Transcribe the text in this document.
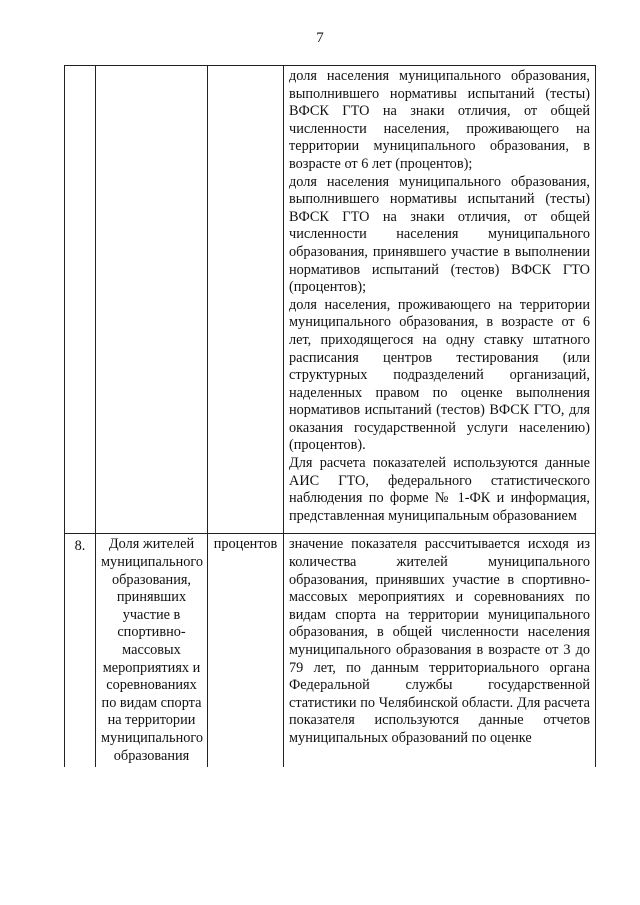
7

			доля населения муниципального образования, выполнившего нормативы испытаний (тесты) ВФСК ГТО на знаки отличия, от общей численности населения, проживающего на территории муниципального образования, в возрасте от 6 лет (процентов);

доля населения муниципального образования, выполнившего нормативы испытаний (тесты) ВФСК ГТО на знаки отличия, от общей численности населения муниципального образования, принявшего участие в выполнении нормативов испытаний (тестов) ВФСК ГТО (процентов);

доля населения, проживающего на территории муниципального образования, в возрасте от 6 лет, приходящегося на одну ставку штатного расписания центров тестирования (или структурных подразделений организаций, наделенных правом по оценке выполнения нормативов испытаний (тестов) ВФСК ГТО, для оказания государственной услуги населению) (процентов).

Для расчета показателей используются данные АИС ГТО, федерального статистического наблюдения по форме № 1-ФК и информация, представленная муниципальным образованием

8.	Доля жителей муниципального образования, принявших участие в спортивно-массовых мероприятиях и соревнованиях по видам спорта на территории муниципального образования	процентов	значение показателя рассчитывается исходя из количества жителей муниципального образования, принявших участие в спортивно-массовых мероприятиях и соревнованиях по видам спорта на территории муниципального образования, в общей численности населения муниципального образования в возрасте от 3 до 79 лет, по данным территориального органа Федеральной службы государственной статистики по Челябинской области. Для расчета показателя используются данные отчетов муниципальных образований по оценке
